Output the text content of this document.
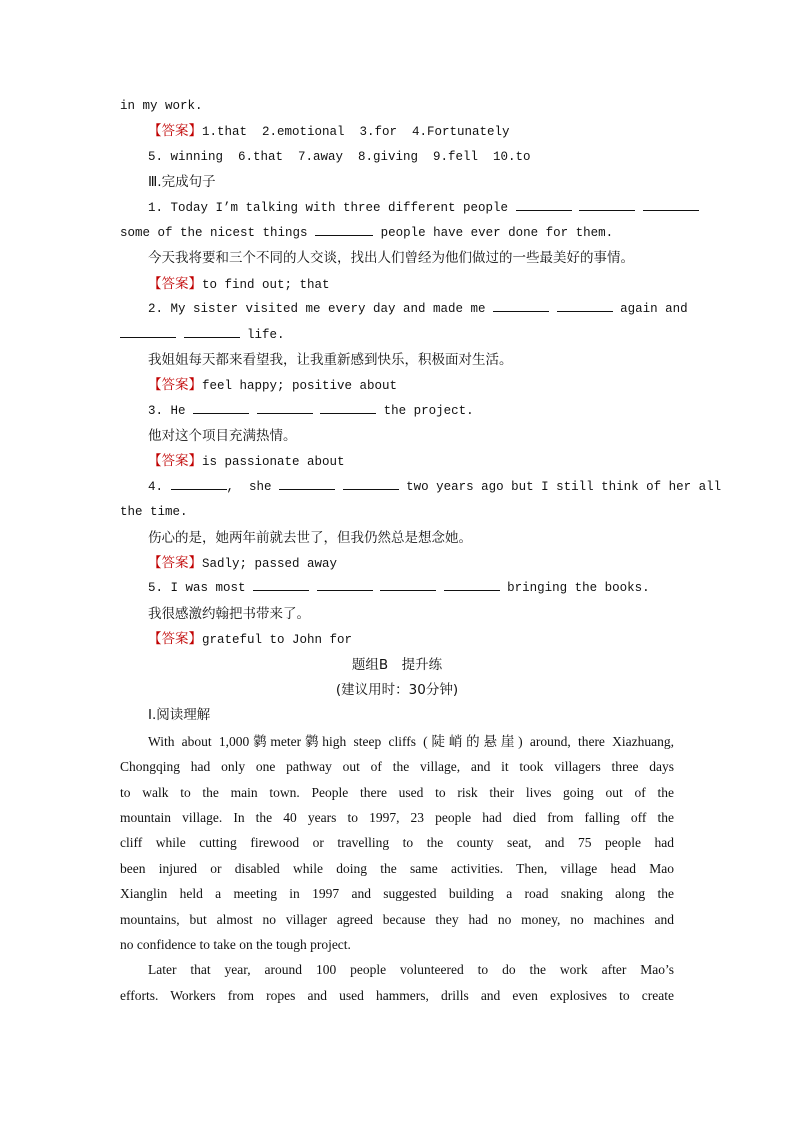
in my work.
【答案】1.that  2.emotional  3.for  4.Fortunately
5. winning  6.that  7.away  8.giving  9.fell  10.to
Ⅲ.完成句子
1. Today I’m talking with three different people
some of the nicest things	people have ever done for them.
今天我将要和三个不同的人交谈，找出人们曾经为他们做过的一些最美好的事情。
【答案】to find out; that
2. My sister visited me every day and made me	again and
life.
我姐姐每天都来看望我，让我重新感到快乐，积极面对生活。
【答案】feel happy; positive about
3. He	the project.
他对这个项目充满热情。
【答案】is passionate about
4.	,  she	two years ago but I still think of her all
the time.
伤心的是，她两年前就去世了，但我仍然总是想念她。
【答案】Sadly; passed away
5. I was most	bringing the books.
我很感激约翰把书带来了。
【答案】grateful to John for
题组B　提升练
(建议用时：30分钟)
Ⅰ.阅读理解
With about 1,000鹲meter鹲high steep cliffs (陡峭的悬崖) around, there Xiazhuang,
Chongqing had only one pathway out of the village, and it took villagers three days
to walk to the main town. People there used to risk their lives going out of the
mountain village. In the 40 years to 1997, 23 people had died from falling off the
cliff while cutting firewood or travelling to the county seat, and 75 people had
been injured or disabled while doing the same activities. Then, village head Mao
Xianglin held a meeting in 1997 and suggested building a road snaking along the
mountains, but almost no villager agreed because they had no money, no machines and
no confidence to take on the tough project.
Later that year, around 100 people volunteered to do the work after Mao’s
efforts. Workers from ropes and used hammers, drills and even explosives to create
